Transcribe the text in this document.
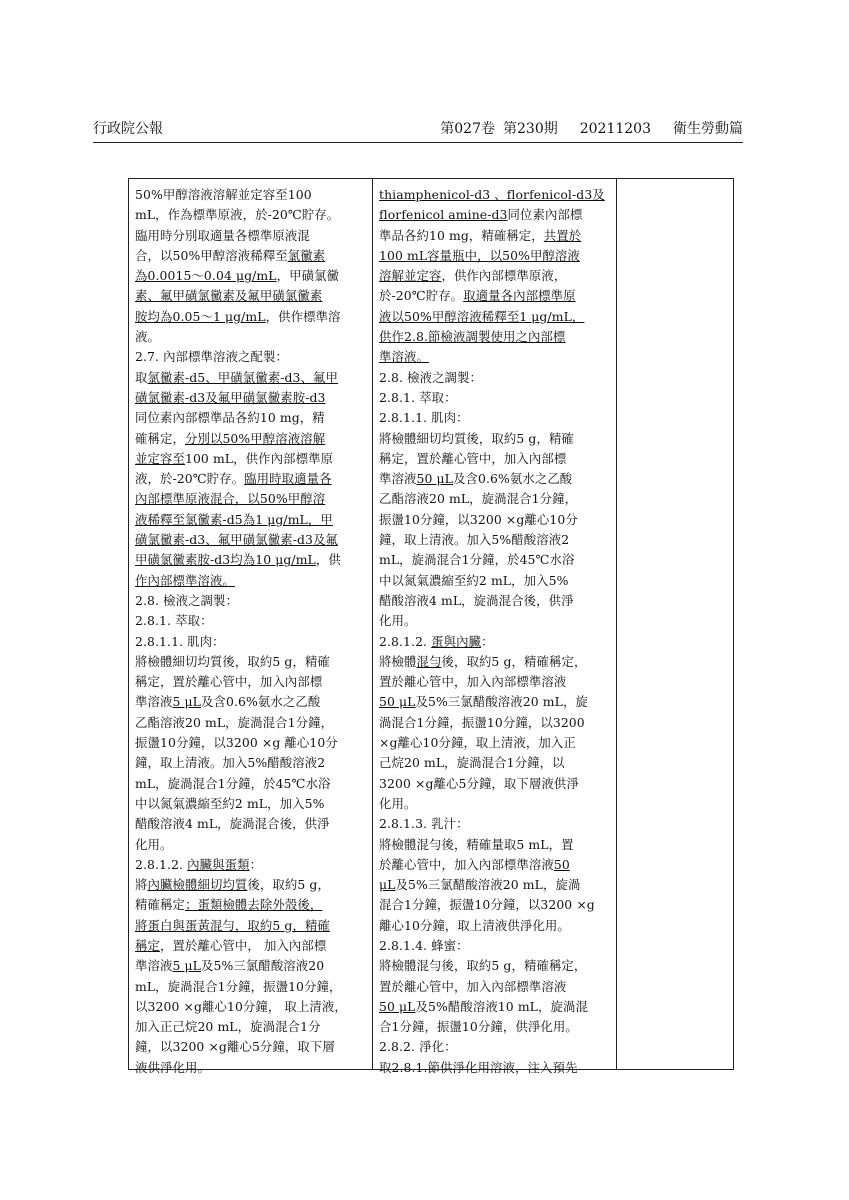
行政院公報	第027卷 第230期 20211203 衛生勞動篇
50%甲醇溶液溶解並定容至100
mL，作為標準原液，於-20℃貯存。
臨用時分別取適量各標準原液混
合，以50%甲醇溶液稀釋至氯黴素
為0.0015～0.04 μg/mL，甲磺氯黴
素、氟甲磺氯黴素及氟甲磺氯黴素
胺均為0.05～1 μg/mL，供作標準溶
液。
2.7. 內部標準溶液之配製：
取氯黴素-d5、甲磺氯黴素-d3、氟甲
磺氯黴素-d3及氟甲磺氯黴素胺-d3
同位素內部標準品各約10 mg，精
確稱定，分別以50%甲醇溶液溶解
並定容至100 mL，供作內部標準原
液，於-20℃貯存。臨用時取適量各
內部標準原液混合，以50%甲醇溶
液稀釋至氯黴素-d5為1 μg/mL，甲
磺氯黴素-d3、氟甲磺氯黴素-d3及氟
甲磺氯黴素胺-d3均為10 μg/mL，供
作內部標準溶液。
2.8. 檢液之調製：
2.8.1. 萃取：
2.8.1.1. 肌肉：
將檢體細切均質後，取約5 g，精確
稱定，置於離心管中，加入內部標
準溶液5 μL及含0.6%氨水之乙酸
乙酯溶液20 mL，旋渦混合1分鐘，
振盪10分鐘，以3200 ×g 離心10分
鐘，取上清液。加入5%醋酸溶液2
mL，旋渦混合1分鐘，於45℃水浴
中以氮氣濃縮至約2 mL，加入5%
醋酸溶液4 mL，旋渦混合後，供淨
化用。
2.8.1.2. 內臟與蛋類：
將內臟檢體細切均質後，取約5 g，
精確稱定；蛋類檢體去除外殼後，
將蛋白與蛋黃混勻，取約5 g，精確
稱定，置於離心管中， 加入內部標
準溶液5 μL及5%三氯醋酸溶液20
mL，旋渦混合1分鐘，振盪10分鐘，
以3200 ×g離心10分鐘， 取上清液，
加入正己烷20 mL，旋渦混合1分
鐘，以3200 ×g離心5分鐘，取下層
液供淨化用。
thiamphenicol-d3 、florfenicol-d3及
florfenicol amine-d3同位素內部標
準品各約10 mg，精確稱定，共置於
100 mL容量瓶中，以50%甲醇溶液
溶解並定容，供作內部標準原液，
於-20℃貯存。取適量各內部標準原
液以50%甲醇溶液稀釋至1 μg/mL，
供作2.8.節檢液調製使用之內部標
準溶液。
2.8. 檢液之調製：
2.8.1. 萃取：
2.8.1.1. 肌肉：
將檢體細切均質後，取約5 g，精確
稱定，置於離心管中，加入內部標
準溶液50 μL及含0.6%氨水之乙酸
乙酯溶液20 mL，旋渦混合1分鐘，
振盪10分鐘，以3200 ×g離心10分
鐘，取上清液。加入5%醋酸溶液2
mL，旋渦混合1分鐘，於45℃水浴
中以氮氣濃縮至約2 mL，加入5%
醋酸溶液4 mL，旋渦混合後，供淨
化用。
2.8.1.2. 蛋與內臟：
將檢體混勻後，取約5 g，精確稱定，
置於離心管中，加入內部標準溶液
50 μL及5%三氯醋酸溶液20 mL，旋
渦混合1分鐘，振盪10分鐘，以3200
×g離心10分鐘，取上清液，加入正
己烷20 mL，旋渦混合1分鐘，以
3200 ×g離心5分鐘，取下層液供淨
化用。
2.8.1.3. 乳汁：
將檢體混勻後，精確量取5 mL，置
於離心管中，加入內部標準溶液50
μL及5%三氯醋酸溶液20 mL，旋渦
混合1分鐘，振盪10分鐘，以3200 ×g
離心10分鐘，取上清液供淨化用。
2.8.1.4. 蜂蜜：
將檢體混勻後，取約5 g，精確稱定，
置於離心管中，加入內部標準溶液
50 μL及5%醋酸溶液10 mL，旋渦混
合1分鐘，振盪10分鐘，供淨化用。
2.8.2. 淨化：
取2.8.1.節供淨化用溶液，注入預先
